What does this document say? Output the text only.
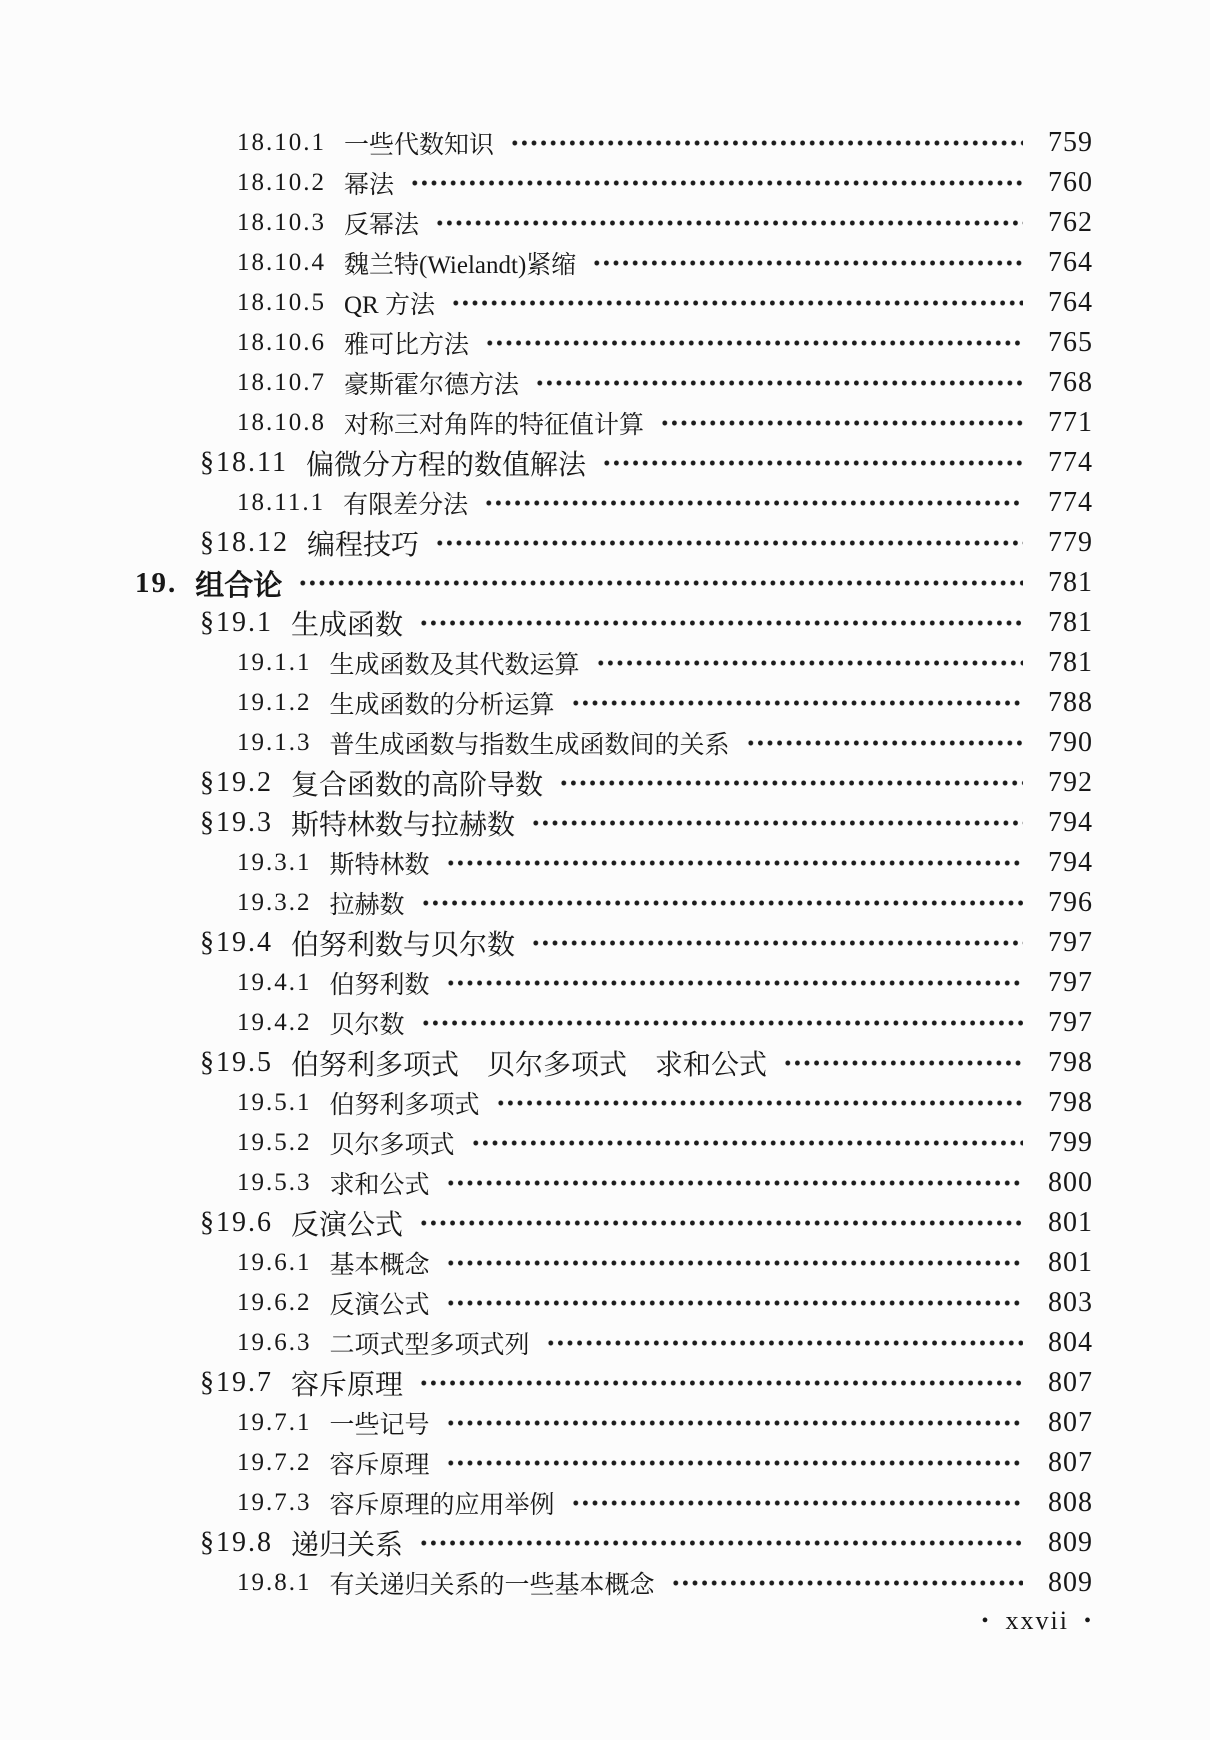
18.10.1 一些代数知识	759
18.10.2 幂法	760
18.10.3 反幂法	762
18.10.4 魏兰特(Wielandt)紧缩	764
18.10.5 QR 方法	764
18.10.6 雅可比方法	765
18.10.7 豪斯霍尔德方法	768
18.10.8 对称三对角阵的特征值计算	771
§18.11 偏微分方程的数值解法	774
18.11.1 有限差分法	774
§18.12 编程技巧	779
19. 组合论	781
§19.1 生成函数	781
19.1.1 生成函数及其代数运算	781
19.1.2 生成函数的分析运算	788
19.1.3 普生成函数与指数生成函数间的关系	790
§19.2 复合函数的高阶导数	792
§19.3 斯特林数与拉赫数	794
19.3.1 斯特林数	794
19.3.2 拉赫数	796
§19.4 伯努利数与贝尔数	797
19.4.1 伯努利数	797
19.4.2 贝尔数	797
§19.5 伯努利多项式　贝尔多项式　求和公式	798
19.5.1 伯努利多项式	798
19.5.2 贝尔多项式	799
19.5.3 求和公式	800
§19.6 反演公式	801
19.6.1 基本概念	801
19.6.2 反演公式	803
19.6.3 二项式型多项式列	804
§19.7 容斥原理	807
19.7.1 一些记号	807
19.7.2 容斥原理	807
19.7.3 容斥原理的应用举例	808
§19.8 递归关系	809
19.8.1 有关递归关系的一些基本概念	809
• xxvii •
